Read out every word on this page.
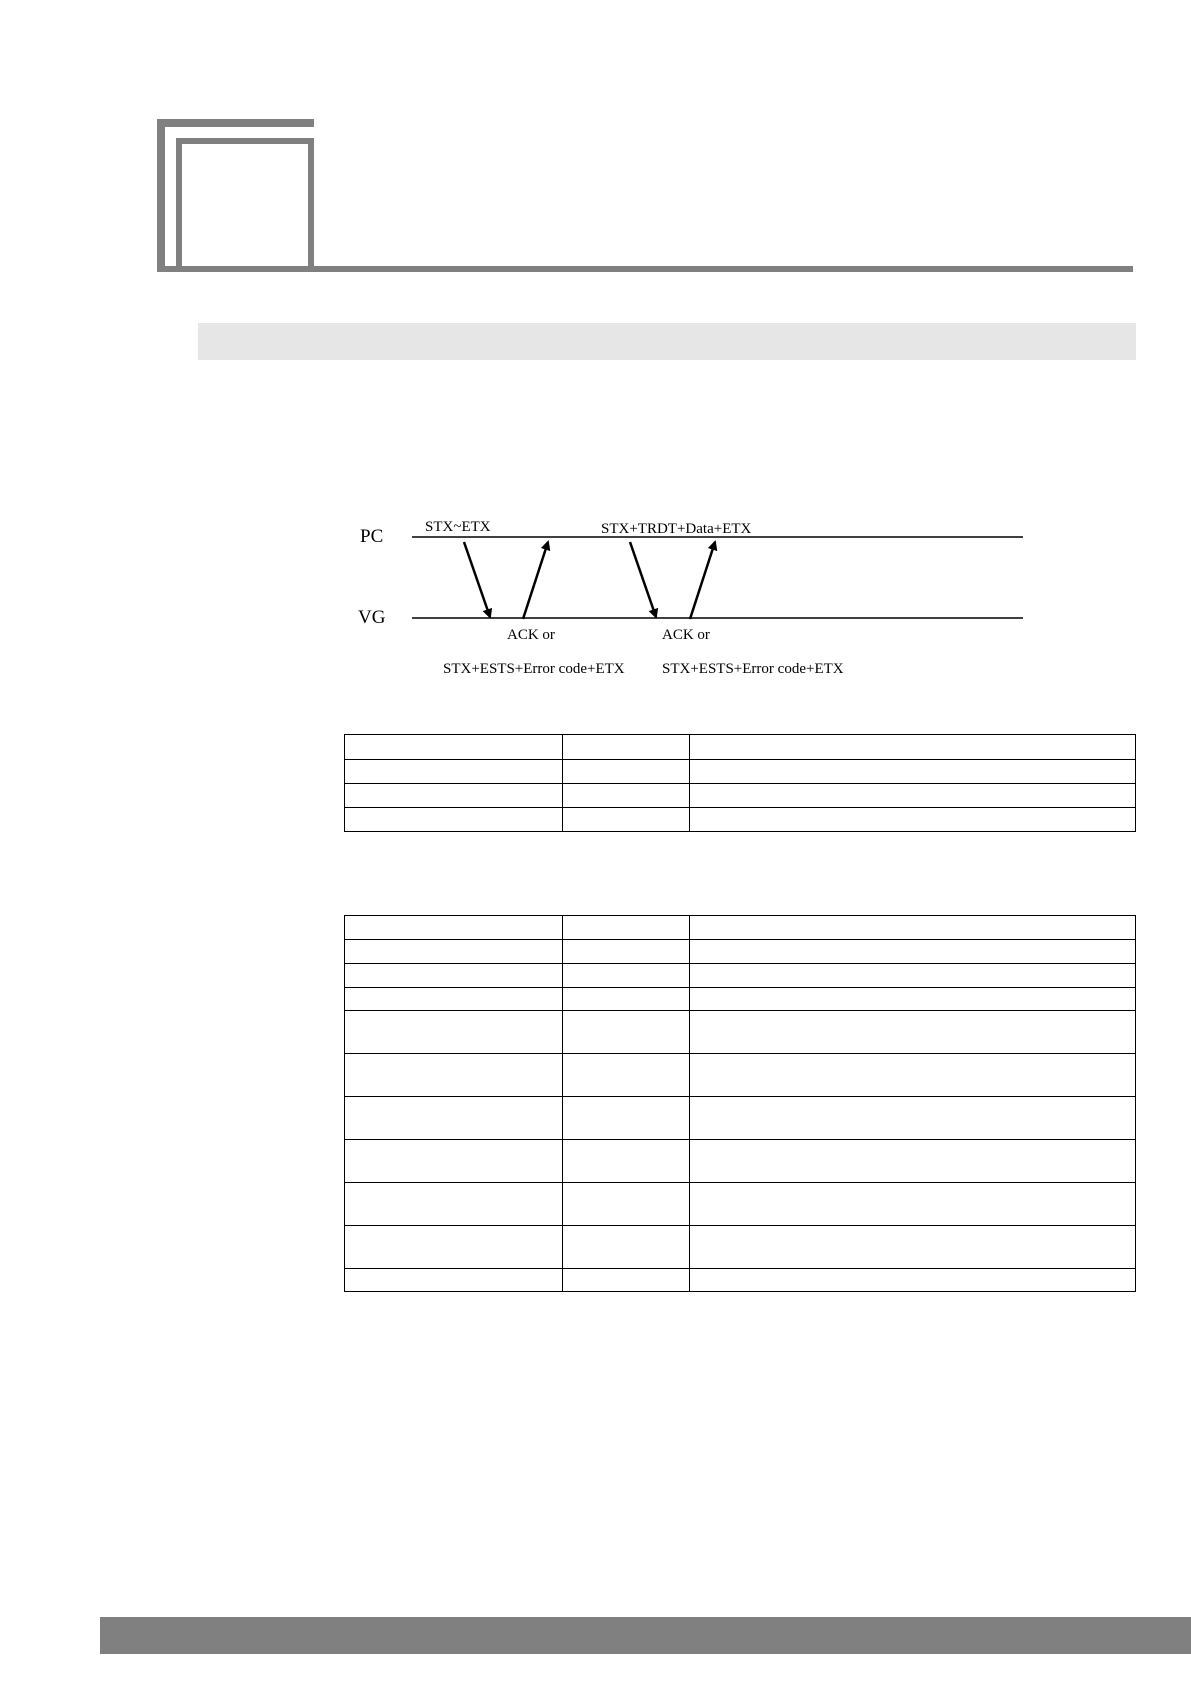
PC
VG
STX~ETX	STX+TRDT+Data+ETX
ACK or
STX+ESTS+Error code+ETX
ACK or
STX+ESTS+Error code+ETX
